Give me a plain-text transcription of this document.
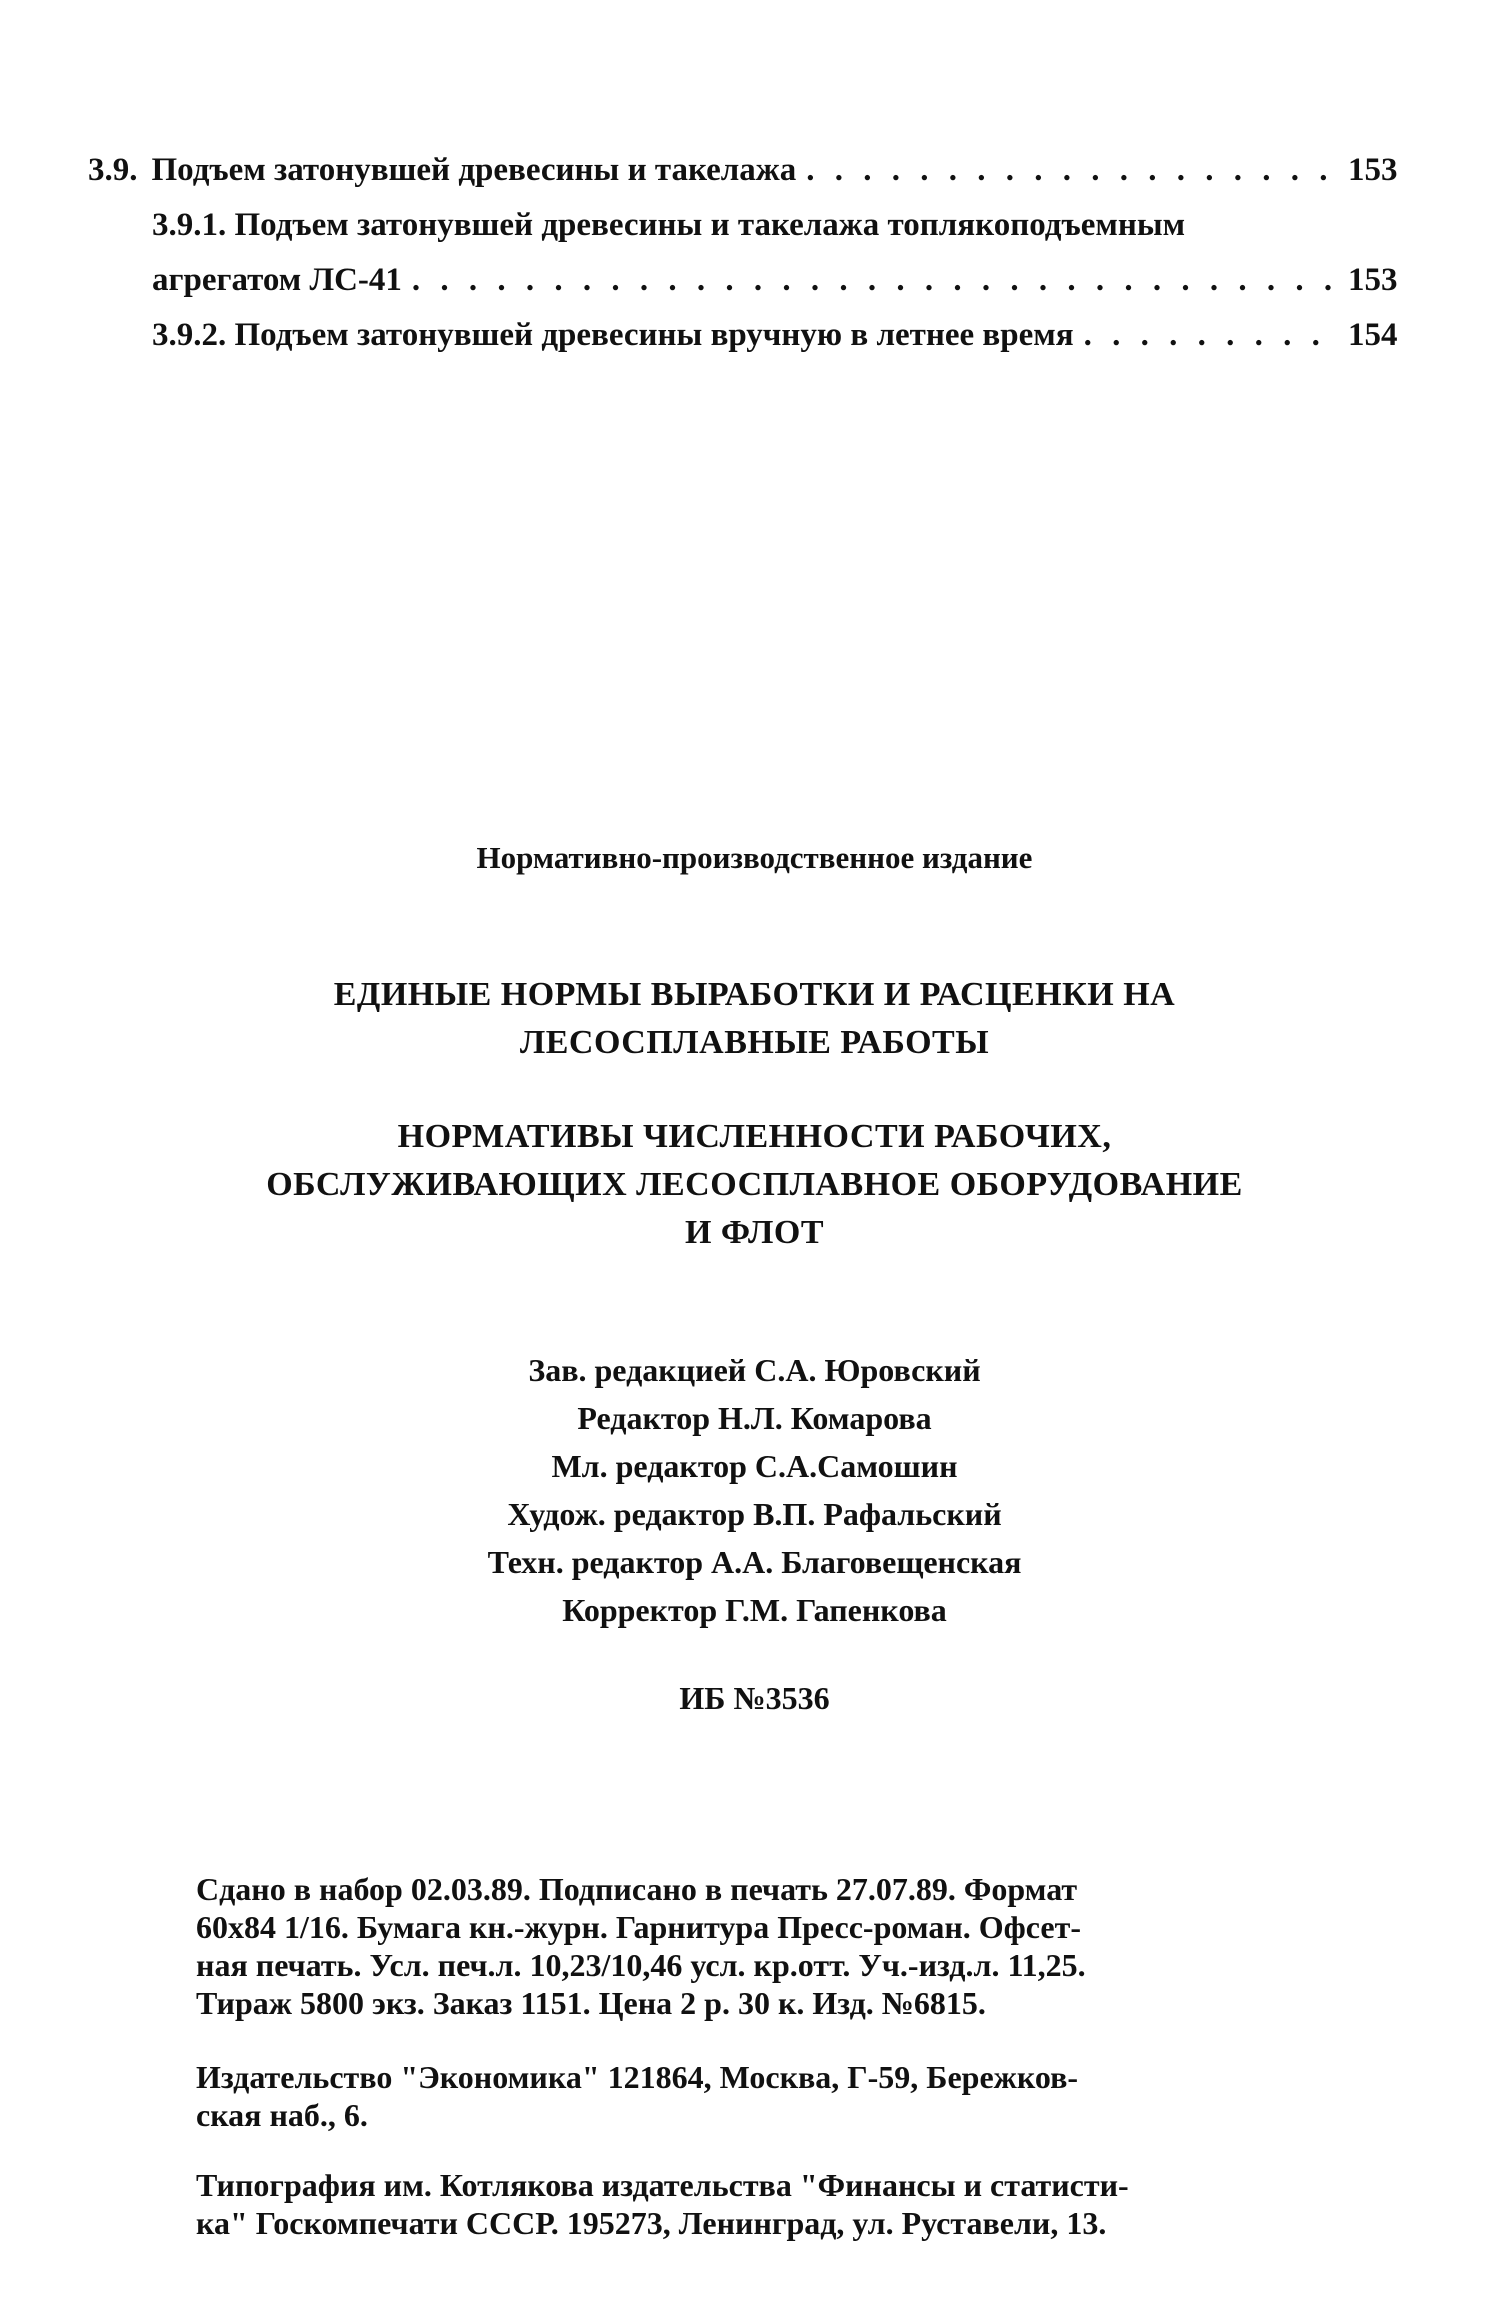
3.9. Подъем затонувшей древесины и такелажа . . .	153
3.9.1. Подъем затонувшей древесины и такелажа топлякоподъемным
агрегатом ЛС-41 . . .	153
3.9.2. Подъем затонувшей древесины вручную в летнее время . . .	154
Нормативно-производственное издание
ЕДИНЫЕ НОРМЫ ВЫРАБОТКИ И РАСЦЕНКИ НА
ЛЕСОСПЛАВНЫЕ РАБОТЫ
НОРМАТИВЫ ЧИСЛЕННОСТИ РАБОЧИХ,
ОБСЛУЖИВАЮЩИХ ЛЕСОСПЛАВНОЕ ОБОРУДОВАНИЕ
И ФЛОТ
Зав. редакцией С.А. Юровский
Редактор Н.Л. Комарова
Мл. редактор С.А.Самошин
Худож. редактор В.П. Рафальский
Техн. редактор А.А. Благовещенская
Корректор Г.М. Гапенкова
ИБ №3536
Сдано в набор 02.03.89. Подписано в печать 27.07.89. Формат
60x84 1/16. Бумага кн.-журн. Гарнитура Пресс-роман. Офсет-
ная печать. Усл. печ.л. 10,23/10,46 усл. кр.отт. Уч.-изд.л. 11,25.
Тираж 5800 экз. Заказ 1151. Цена 2 р. 30 к. Изд. №6815.
Издательство "Экономика" 121864, Москва, Г-59, Бережков-
ская наб., 6.
Типография им. Котлякова издательства "Финансы и статисти-
ка" Госкомпечати СССР. 195273, Ленинград, ул. Руставели, 13.
